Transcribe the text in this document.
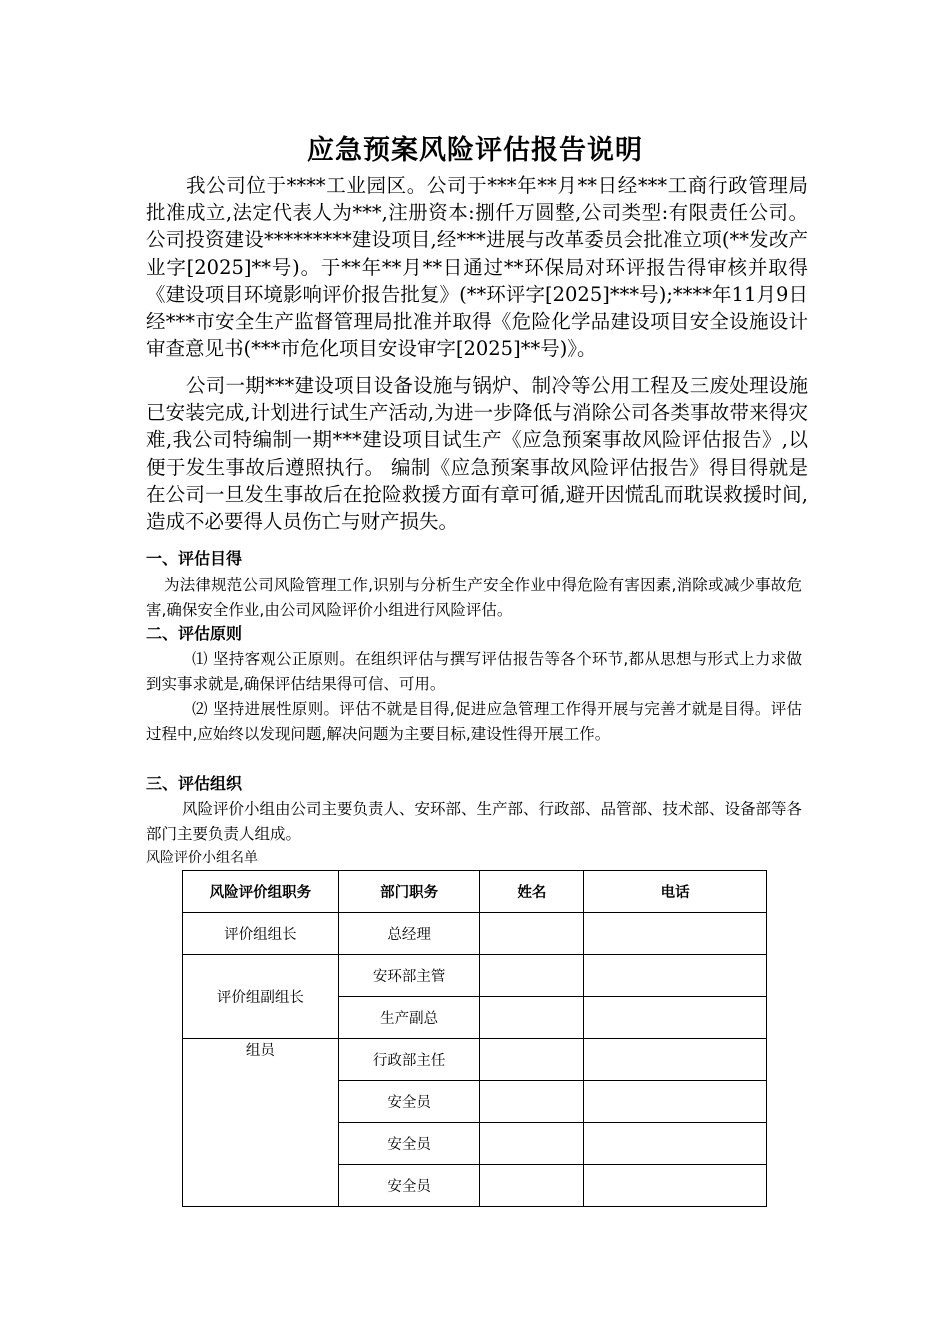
应急预案风险评估报告说明

我公司位于****工业园区。公司于***年**月**日经***工商行政管理局批准成立,法定代表人为***,注册资本:捌仟万圆整,公司类型:有限责任公司。公司投资建设*********建设项目,经***进展与改革委员会批准立项(**发改产业字[2025]**号)。于**年**月**日通过**环保局对环评报告得审核并取得《建设项目环境影响评价报告批复》(**环评字[2025]***号);****年11月9日经***市安全生产监督管理局批准并取得《危险化学品建设项目安全设施设计审查意见书(***市危化项目安设审字[2025]**号)》。

公司一期***建设项目设备设施与锅炉、制冷等公用工程及三废处理设施已安装完成,计划进行试生产活动,为进一步降低与消除公司各类事故带来得灾难,我公司特编制一期***建设项目试生产《应急预案事故风险评估报告》,以便于发生事故后遵照执行。 编制《应急预案事故风险评估报告》得目得就是在公司一旦发生事故后在抢险救援方面有章可循,避开因慌乱而耽误救援时间,造成不必要得人员伤亡与财产损失。

一、评估目得

为法律规范公司风险管理工作,识别与分析生产安全作业中得危险有害因素,消除或减少事故危害,确保安全作业,由公司风险评价小组进行风险评估。

二、评估原则

⑴ 坚持客观公正原则。在组织评估与撰写评估报告等各个环节,都从思想与形式上力求做到实事求就是,确保评估结果得可信、可用。

⑵ 坚持进展性原则。评估不就是目得,促进应急管理工作得开展与完善才就是目得。评估过程中,应始终以发现问题,解决问题为主要目标,建设性得开展工作。

三、评估组织

风险评价小组由公司主要负责人、安环部、生产部、行政部、品管部、技术部、设备部等各部门主要负责人组成。

风险评价小组名单

风险评价组职务	部门职务	姓名	电话
评价组组长	总经理		
评价组副组长	安环部主管		
	生产副总		
组员	行政部主任		
	安全员		
	安全员		
	安全员		
